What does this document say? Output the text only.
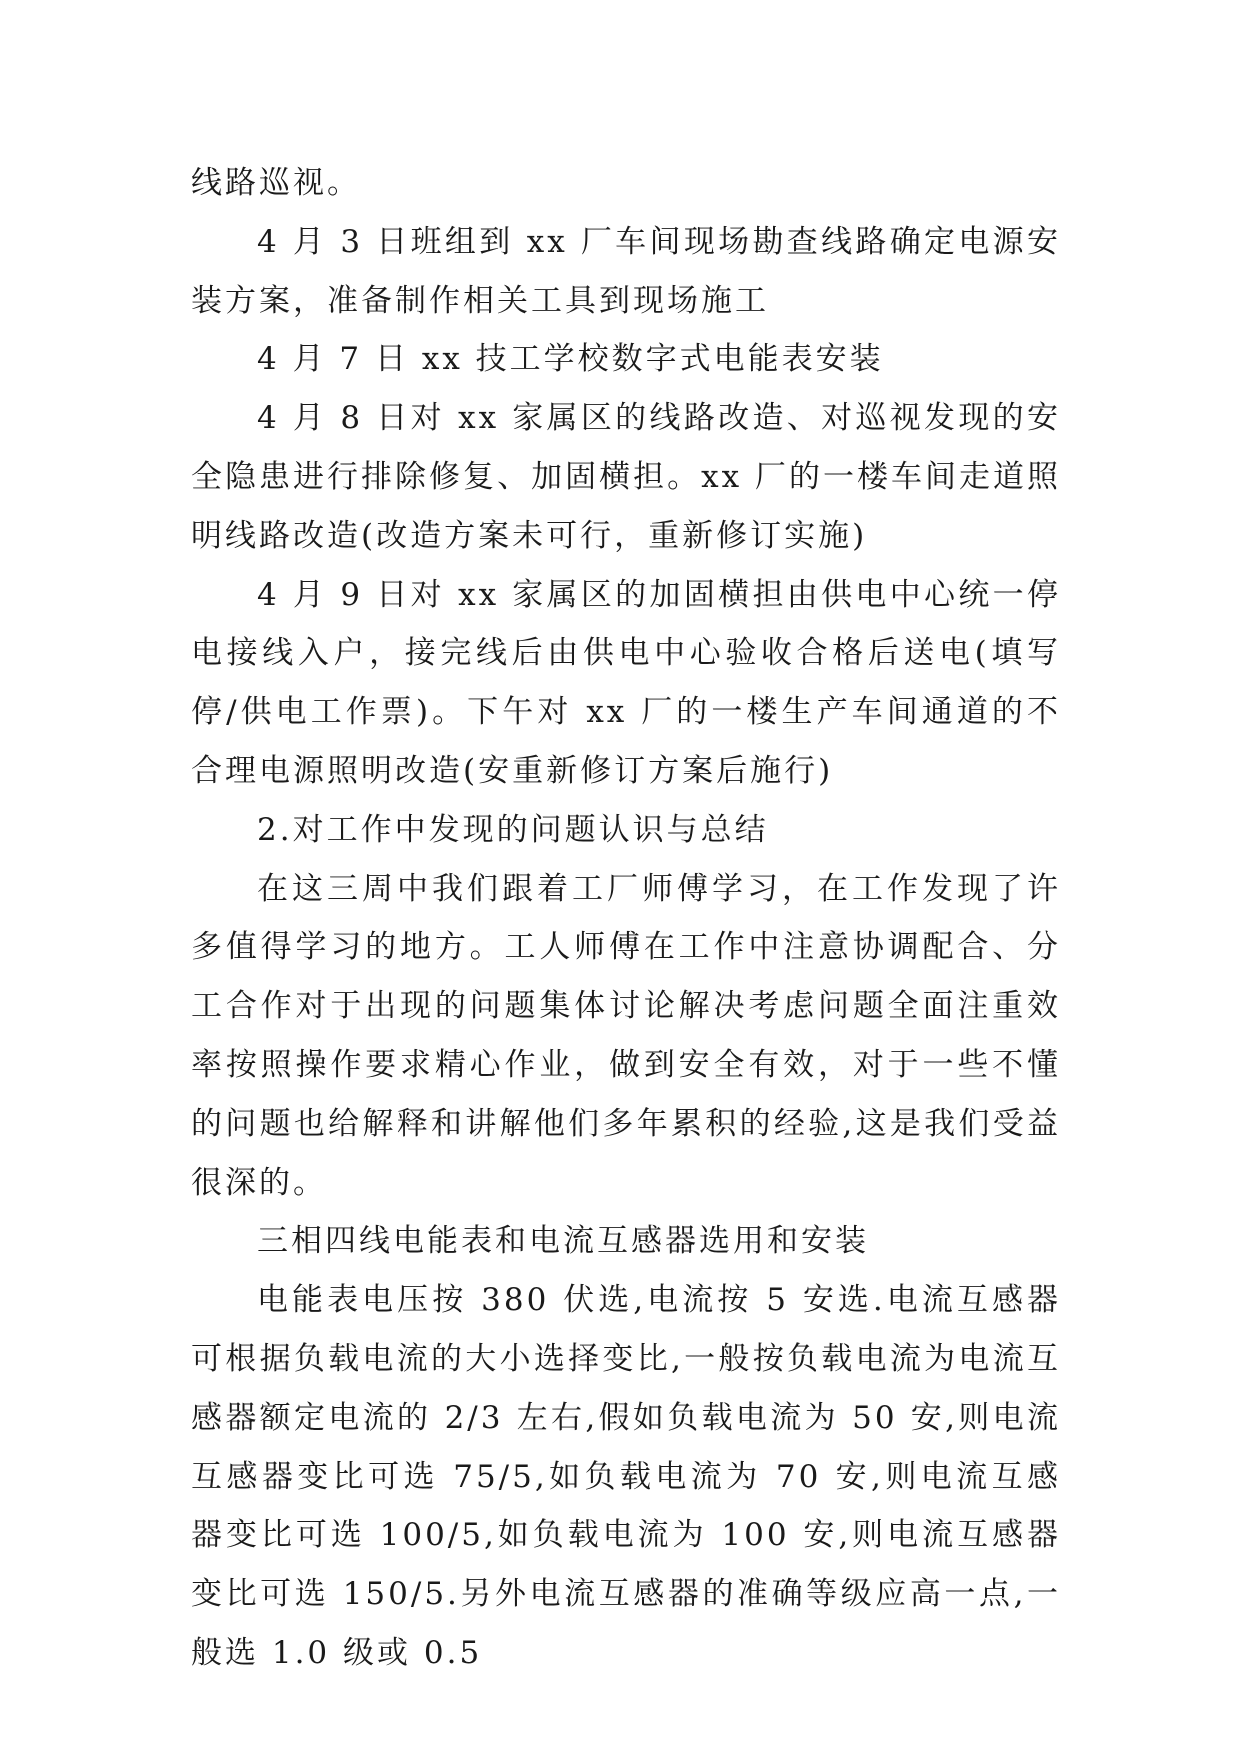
线路巡视。

4 月 3 日班组到 xx 厂车间现场勘查线路确定电源安装方案，准备制作相关工具到现场施工

4 月 7 日 xx 技工学校数字式电能表安装

4 月 8 日对 xx 家属区的线路改造、对巡视发现的安全隐患进行排除修复、加固横担。xx 厂的一楼车间走道照明线路改造(改造方案未可行，重新修订实施)

4 月 9 日对 xx 家属区的加固横担由供电中心统一停电接线入户，接完线后由供电中心验收合格后送电(填写停/供电工作票)。下午对 xx 厂的一楼生产车间通道的不合理电源照明改造(安重新修订方案后施行)

2.对工作中发现的问题认识与总结

在这三周中我们跟着工厂师傅学习，在工作发现了许多值得学习的地方。工人师傅在工作中注意协调配合、分工合作对于出现的问题集体讨论解决考虑问题全面注重效率按照操作要求精心作业，做到安全有效，对于一些不懂的问题也给解释和讲解他们多年累积的经验,这是我们受益很深的。

三相四线电能表和电流互感器选用和安装

电能表电压按 380 伏选,电流按 5 安选.电流互感器可根据负载电流的大小选择变比,一般按负载电流为电流互感器额定电流的 2/3 左右,假如负载电流为 50 安,则电流互感器变比可选 75/5,如负载电流为 70 安,则电流互感器变比可选 100/5,如负载电流为 100 安,则电流互感器变比可选 150/5.另外电流互感器的准确等级应高一点,一般选 1.0 级或 0.5
